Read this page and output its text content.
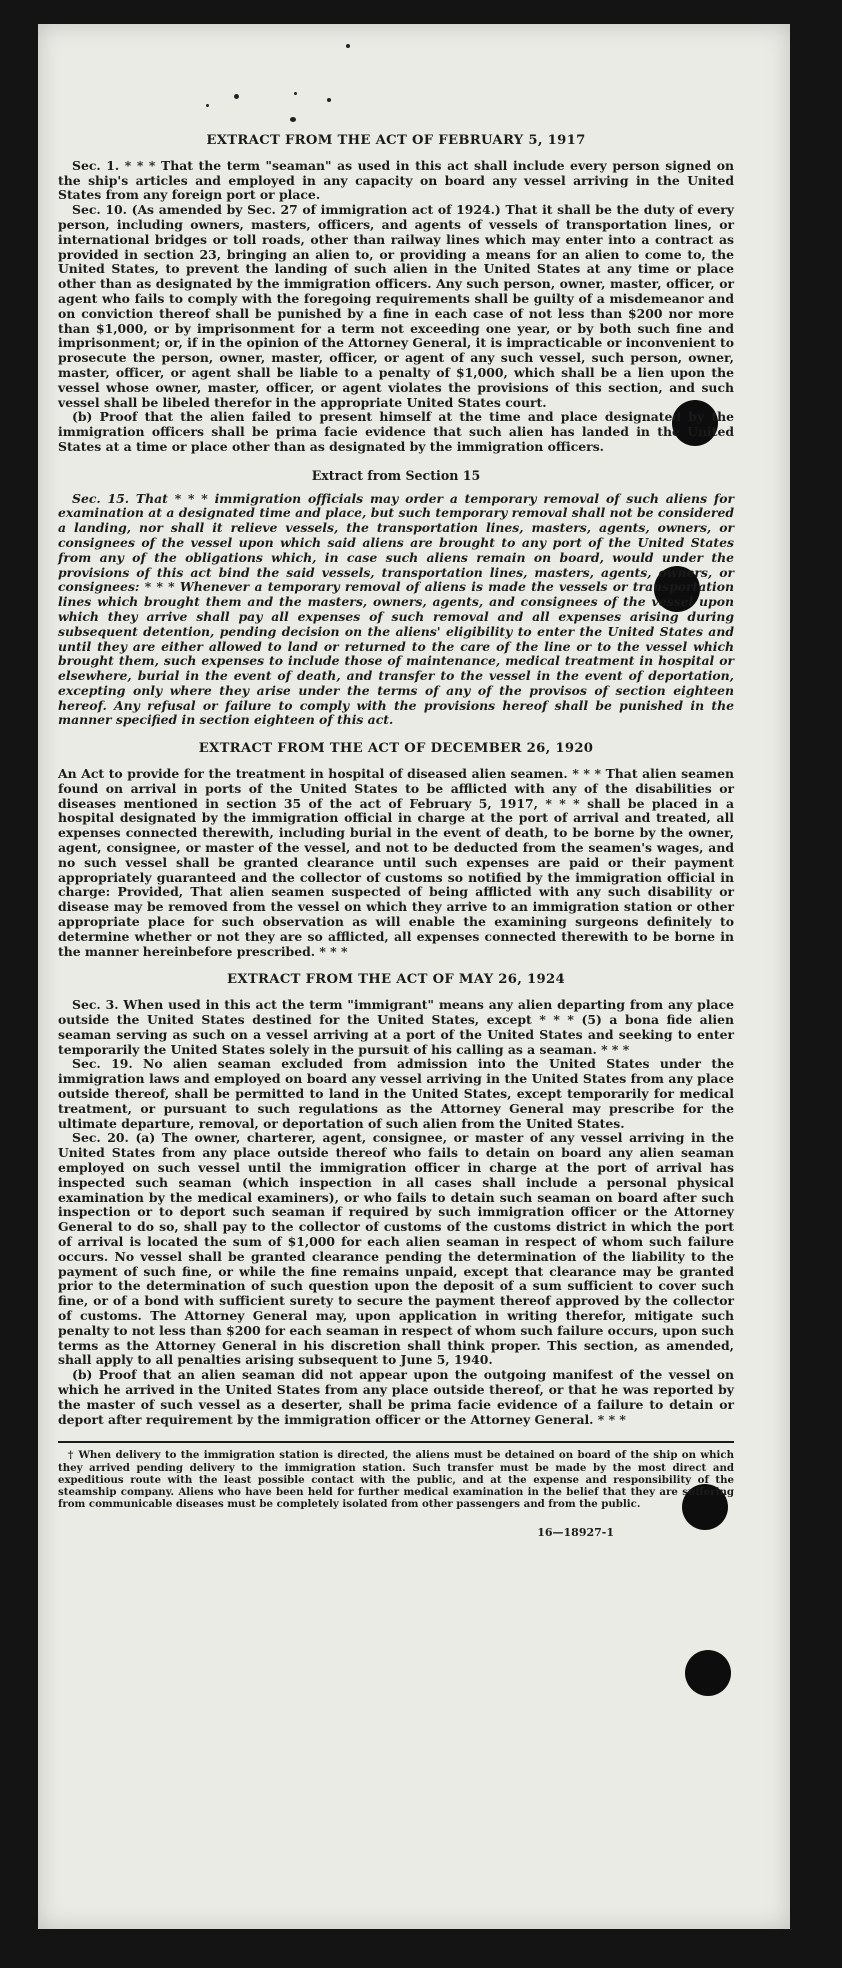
EXTRACT FROM THE ACT OF FEBRUARY 5, 1917

Sec. 1. * * * That the term "seaman" as used in this act shall include every person signed on the ship's articles and employed in any capacity on board any vessel arriving in the United States from any foreign port or place.

Sec. 10. (As amended by Sec. 27 of immigration act of 1924.) That it shall be the duty of every person, including owners, masters, officers, and agents of vessels of transportation lines, or international bridges or toll roads, other than railway lines which may enter into a contract as provided in section 23, bringing an alien to, or providing a means for an alien to come to, the United States, to prevent the landing of such alien in the United States at any time or place other than as designated by the immigration officers. Any such person, owner, master, officer, or agent who fails to comply with the foregoing requirements shall be guilty of a misdemeanor and on conviction thereof shall be punished by a fine in each case of not less than $200 nor more than $1,000, or by imprisonment for a term not exceeding one year, or by both such fine and imprisonment; or, if in the opinion of the Attorney General, it is impracticable or inconvenient to prosecute the person, owner, master, officer, or agent of any such vessel, such person, owner, master, officer, or agent shall be liable to a penalty of $1,000, which shall be a lien upon the vessel whose owner, master, officer, or agent violates the provisions of this section, and such vessel shall be libeled therefor in the appropriate United States court.

(b) Proof that the alien failed to present himself at the time and place designated by the immigration officers shall be prima facie evidence that such alien has landed in the United States at a time or place other than as designated by the immigration officers.

Extract from Section 15

Sec. 15. That * * * immigration officials may order a temporary removal of such aliens for examination at a designated time and place, but such temporary removal shall not be considered a landing, nor shall it relieve vessels, the transportation lines, masters, agents, owners, or consignees of the vessel upon which said aliens are brought to any port of the United States from any of the obligations which, in case such aliens remain on board, would under the provisions of this act bind the said vessels, transportation lines, masters, agents, owners, or consignees: * * * Whenever a temporary removal of aliens is made the vessels or transportation lines which brought them and the masters, owners, agents, and consignees of the vessel upon which they arrive shall pay all expenses of such removal and all expenses arising during subsequent detention, pending decision on the aliens' eligibility to enter the United States and until they are either allowed to land or returned to the care of the line or to the vessel which brought them, such expenses to include those of maintenance, medical treatment in hospital or elsewhere, burial in the event of death, and transfer to the vessel in the event of deportation, excepting only where they arise under the terms of any of the provisos of section eighteen hereof. Any refusal or failure to comply with the provisions hereof shall be punished in the manner specified in section eighteen of this act.

EXTRACT FROM THE ACT OF DECEMBER 26, 1920

An Act to provide for the treatment in hospital of diseased alien seamen. * * * That alien seamen found on arrival in ports of the United States to be afflicted with any of the disabilities or diseases mentioned in section 35 of the act of February 5, 1917, * * * shall be placed in a hospital designated by the immigration official in charge at the port of arrival and treated, all expenses connected therewith, including burial in the event of death, to be borne by the owner, agent, consignee, or master of the vessel, and not to be deducted from the seamen's wages, and no such vessel shall be granted clearance until such expenses are paid or their payment appropriately guaranteed and the collector of customs so notified by the immigration official in charge: Provided, That alien seamen suspected of being afflicted with any such disability or disease may be removed from the vessel on which they arrive to an immigration station or other appropriate place for such observation as will enable the examining surgeons definitely to determine whether or not they are so afflicted, all expenses connected therewith to be borne in the manner hereinbefore prescribed. * * *

EXTRACT FROM THE ACT OF MAY 26, 1924

Sec. 3. When used in this act the term "immigrant" means any alien departing from any place outside the United States destined for the United States, except * * * (5) a bona fide alien seaman serving as such on a vessel arriving at a port of the United States and seeking to enter temporarily the United States solely in the pursuit of his calling as a seaman. * * *

Sec. 19. No alien seaman excluded from admission into the United States under the immigration laws and employed on board any vessel arriving in the United States from any place outside thereof, shall be permitted to land in the United States, except temporarily for medical treatment, or pursuant to such regulations as the Attorney General may prescribe for the ultimate departure, removal, or deportation of such alien from the United States.

Sec. 20. (a) The owner, charterer, agent, consignee, or master of any vessel arriving in the United States from any place outside thereof who fails to detain on board any alien seaman employed on such vessel until the immigration officer in charge at the port of arrival has inspected such seaman (which inspection in all cases shall include a personal physical examination by the medical examiners), or who fails to detain such seaman on board after such inspection or to deport such seaman if required by such immigration officer or the Attorney General to do so, shall pay to the collector of customs of the customs district in which the port of arrival is located the sum of $1,000 for each alien seaman in respect of whom such failure occurs. No vessel shall be granted clearance pending the determination of the liability to the payment of such fine, or while the fine remains unpaid, except that clearance may be granted prior to the determination of such question upon the deposit of a sum sufficient to cover such fine, or of a bond with sufficient surety to secure the payment thereof approved by the collector of customs. The Attorney General may, upon application in writing therefor, mitigate such penalty to not less than $200 for each seaman in respect of whom such failure occurs, upon such terms as the Attorney General in his discretion shall think proper. This section, as amended, shall apply to all penalties arising subsequent to June 5, 1940.

(b) Proof that an alien seaman did not appear upon the outgoing manifest of the vessel on which he arrived in the United States from any place outside thereof, or that he was reported by the master of such vessel as a deserter, shall be prima facie evidence of a failure to detain or deport after requirement by the immigration officer or the Attorney General. * * *

† When delivery to the immigration station is directed, the aliens must be detained on board of the ship on which they arrived pending delivery to the immigration station. Such transfer must be made by the most direct and expeditious route with the least possible contact with the public, and at the expense and responsibility of the steamship company. Aliens who have been held for further medical examination in the belief that they are suffering from communicable diseases must be completely isolated from other passengers and from the public.

16—18927-1
